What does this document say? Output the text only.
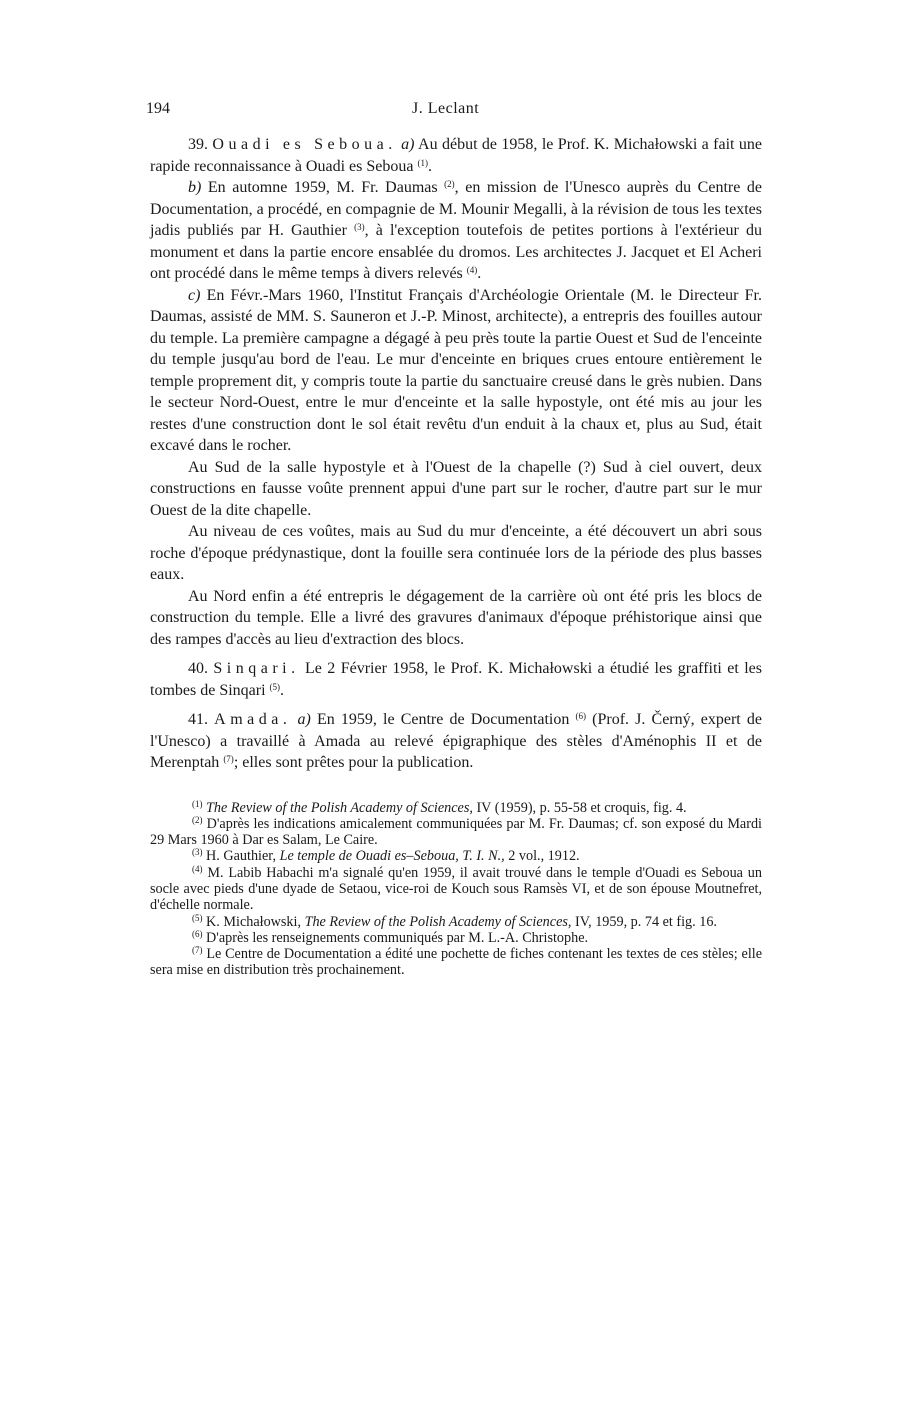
194	J. Leclant

39. Ouadi es Seboua. a) Au début de 1958, le Prof. K. Michałowski a fait une rapide reconnaissance à Ouadi es Seboua $^{(1)}$.

b) En automne 1959, M. Fr. Daumas $^{(2)}$, en mission de l'Unesco auprès du Centre de Documentation, a procédé, en compagnie de M. Mounir Megalli, à la révision de tous les textes jadis publiés par H. Gauthier $^{(3)}$, à l'exception toutefois de petites portions à l'extérieur du monument et dans la partie encore ensablée du dromos. Les architectes J. Jacquet et El Acheri ont procédé dans le même temps à divers relevés $^{(4)}$.

c) En Févr.-Mars 1960, l'Institut Français d'Archéologie Orientale (M. le Directeur Fr. Daumas, assisté de MM. S. Sauneron et J.-P. Minost, architecte), a entrepris des fouilles autour du temple. La première campagne a dégagé à peu près toute la partie Ouest et Sud de l'enceinte du temple jusqu'au bord de l'eau. Le mur d'enceinte en briques crues entoure entièrement le temple proprement dit, y compris toute la partie du sanctuaire creusé dans le grès nubien. Dans le secteur Nord-Ouest, entre le mur d'enceinte et la salle hypostyle, ont été mis au jour les restes d'une construction dont le sol était revêtu d'un enduit à la chaux et, plus au Sud, était excavé dans le rocher.

Au Sud de la salle hypostyle et à l'Ouest de la chapelle (?) Sud à ciel ouvert, deux constructions en fausse voûte prennent appui d'une part sur le rocher, d'autre part sur le mur Ouest de la dite chapelle.

Au niveau de ces voûtes, mais au Sud du mur d'enceinte, a été découvert un abri sous roche d'époque prédynastique, dont la fouille sera continuée lors de la période des plus basses eaux.

Au Nord enfin a été entrepris le dégagement de la carrière où ont été pris les blocs de construction du temple. Elle a livré des gravures d'animaux d'époque préhistorique ainsi que des rampes d'accès au lieu d'extraction des blocs.

40. Sinqari. Le 2 Février 1958, le Prof. K. Michałowski a étudié les graffiti et les tombes de Sinqari $^{(5)}$.

41. Amada. a) En 1959, le Centre de Documentation $^{(6)}$ (Prof. J. Černý, expert de l'Unesco) a travaillé à Amada au relevé épigraphique des stèles d'Aménophis II et de Merenptah $^{(7)}$; elles sont prêtes pour la publication.

$^{(1)}$ The Review of the Polish Academy of Sciences, IV (1959), p. 55-58 et croquis, fig. 4.

$^{(2)}$ D'après les indications amicalement communiquées par M. Fr. Daumas; cf. son exposé du Mardi 29 Mars 1960 à Dar es Salam, Le Caire.

$^{(3)}$ H. Gauthier, Le temple de Ouadi es–Seboua, T. I. N., 2 vol., 1912.

$^{(4)}$ M. Labib Habachi m'a signalé qu'en 1959, il avait trouvé dans le temple d'Ouadi es Seboua un socle avec pieds d'une dyade de Setaou, vice-roi de Kouch sous Ramsès VI, et de son épouse Moutnefret, d'échelle normale.

$^{(5)}$ K. Michałowski, The Review of the Polish Academy of Sciences, IV, 1959, p. 74 et fig. 16.

$^{(6)}$ D'après les renseignements communiqués par M. L.-A. Christophe.

$^{(7)}$ Le Centre de Documentation a édité une pochette de fiches contenant les textes de ces stèles; elle sera mise en distribution très prochainement.
